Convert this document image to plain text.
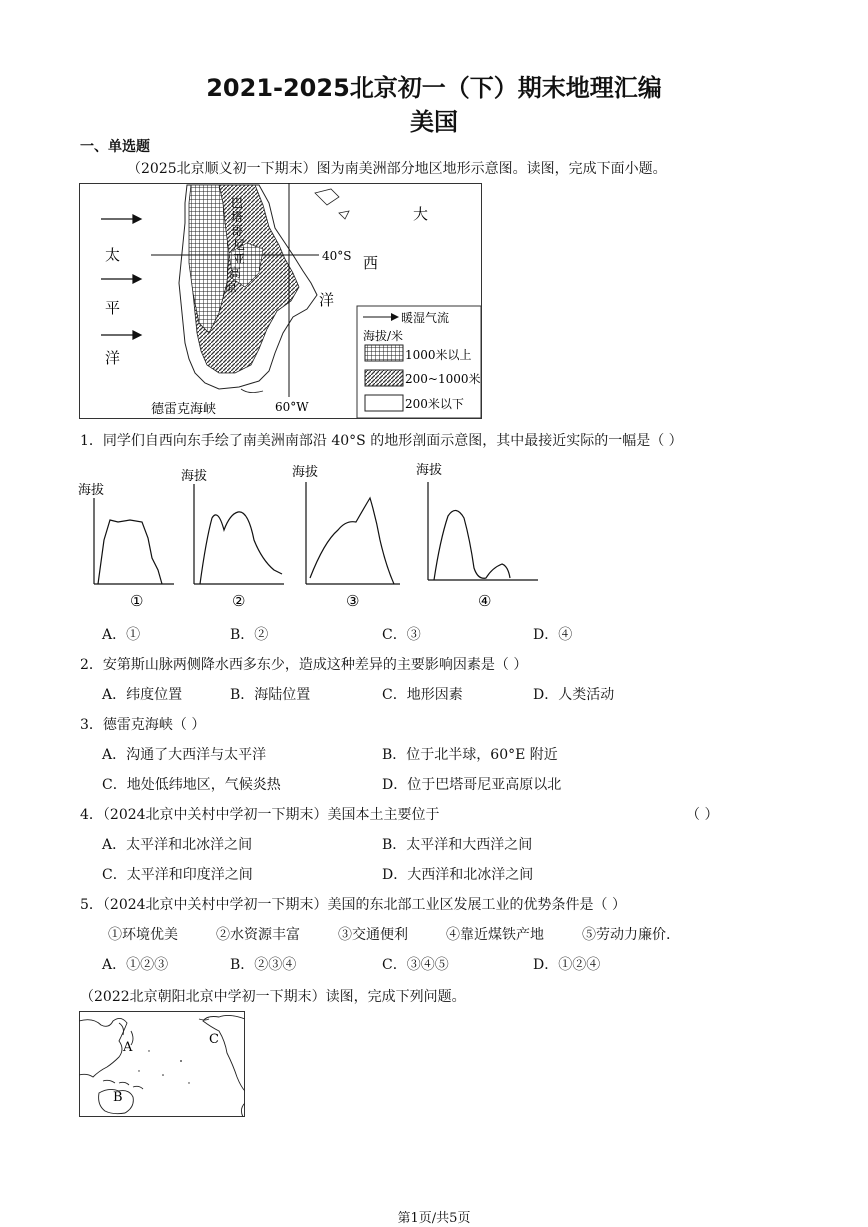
2021-2025北京初一（下）期末地理汇编
美国
一、单选题
（2025北京顺义初一下期末）图为南美洲部分地区地形示意图。读图，完成下面小题。
太
平
洋
大
西
洋
40°S
60°W
德雷克海峡
巴
塔
哥
尼
亚
高
原
暖湿气流
海拔/米
1000米以上
200~1000米
200米以下
1．同学们自西向东手绘了南美洲南部沿 40°S 的地形剖面示意图，其中最接近实际的一幅是（ ）
海拔
海拔	海拔	海拔
①	②	③	④
A．①	B．②	C．③	D．④
2．安第斯山脉两侧降水西多东少，造成这种差异的主要影响因素是（ ）
A．纬度位置	B．海陆位置	C．地形因素	D．人类活动
3．德雷克海峡（ ）
A．沟通了大西洋与太平洋	B．位于北半球，60°E 附近
C．地处低纬地区，气候炎热	D．位于巴塔哥尼亚高原以北
4．（2024北京中关村中学初一下期末）美国本土主要位于	（ ）
A．太平洋和北冰洋之间	B．太平洋和大西洋之间
C．太平洋和印度洋之间	D．大西洋和北冰洋之间
5．（2024北京中关村中学初一下期末）美国的东北部工业区发展工业的优势条件是（ ）
①环境优美	②水资源丰富	③交通便利	④靠近煤铁产地	⑤劳动力廉价.
A．①②③	B．②③④	C．③④⑤	D．①②④
（2022北京朝阳北京中学初一下期末）读图，完成下列问题。
A
B
C
第1页/共5页
